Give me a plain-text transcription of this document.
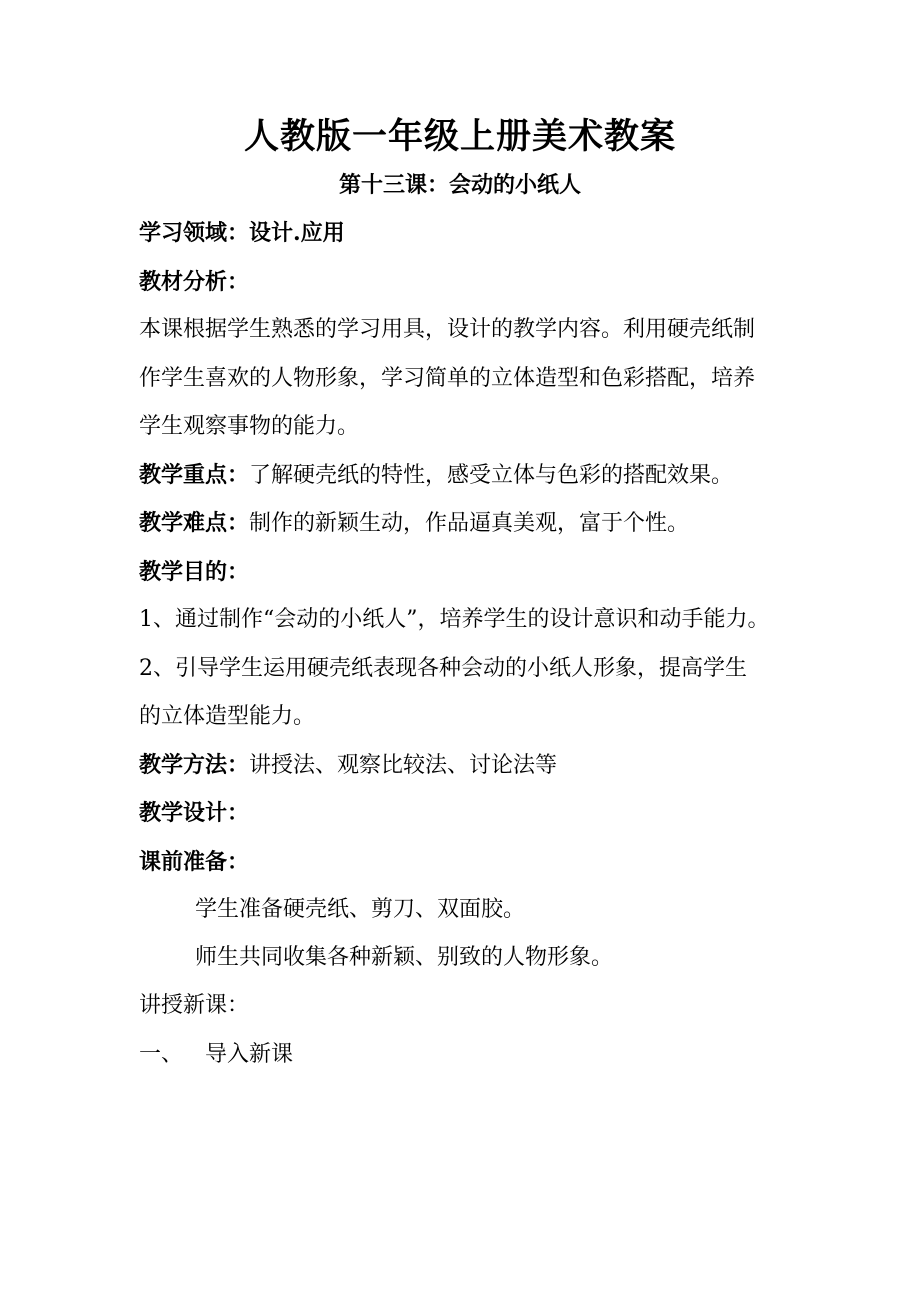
人教版一年级上册美术教案
第十三课：会动的小纸人
学习领域：设计.应用
教材分析：
本课根据学生熟悉的学习用具，设计的教学内容。利用硬壳纸制
作学生喜欢的人物形象，学习简单的立体造型和色彩搭配，培养
学生观察事物的能力。
教学重点：了解硬壳纸的特性，感受立体与色彩的搭配效果。
教学难点：制作的新颖生动，作品逼真美观，富于个性。
教学目的：
1、通过制作“会动的小纸人”，培养学生的设计意识和动手能力。
2、引导学生运用硬壳纸表现各种会动的小纸人形象，提高学生
的立体造型能力。
教学方法：讲授法、观察比较法、讨论法等
教学设计：
课前准备：
学生准备硬壳纸、剪刀、双面胶。
师生共同收集各种新颖、别致的人物形象。
讲授新课：
一、 导入新课
